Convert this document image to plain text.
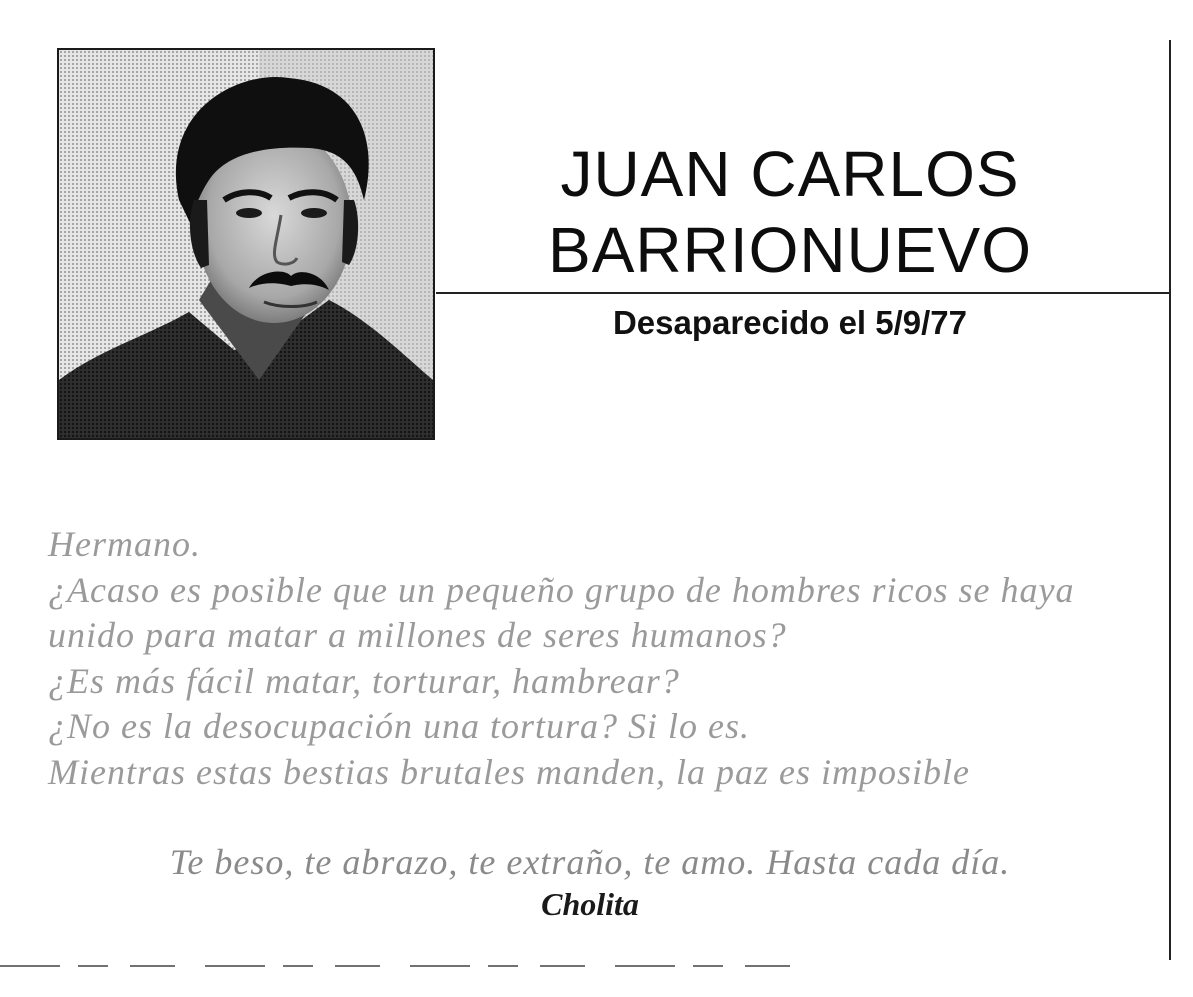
JUAN CARLOS
BARRIONUEVO
Desaparecido el 5/9/77
Hermano.
¿Acaso es posible que un pequeño grupo de hombres ricos se haya
unido para matar a millones de seres humanos?
¿Es más fácil matar, torturar, hambrear?
¿No es la desocupación una tortura? Si lo es.
Mientras estas bestias brutales manden, la paz es imposible
Te beso, te abrazo, te extraño, te amo. Hasta cada día.
Cholita
